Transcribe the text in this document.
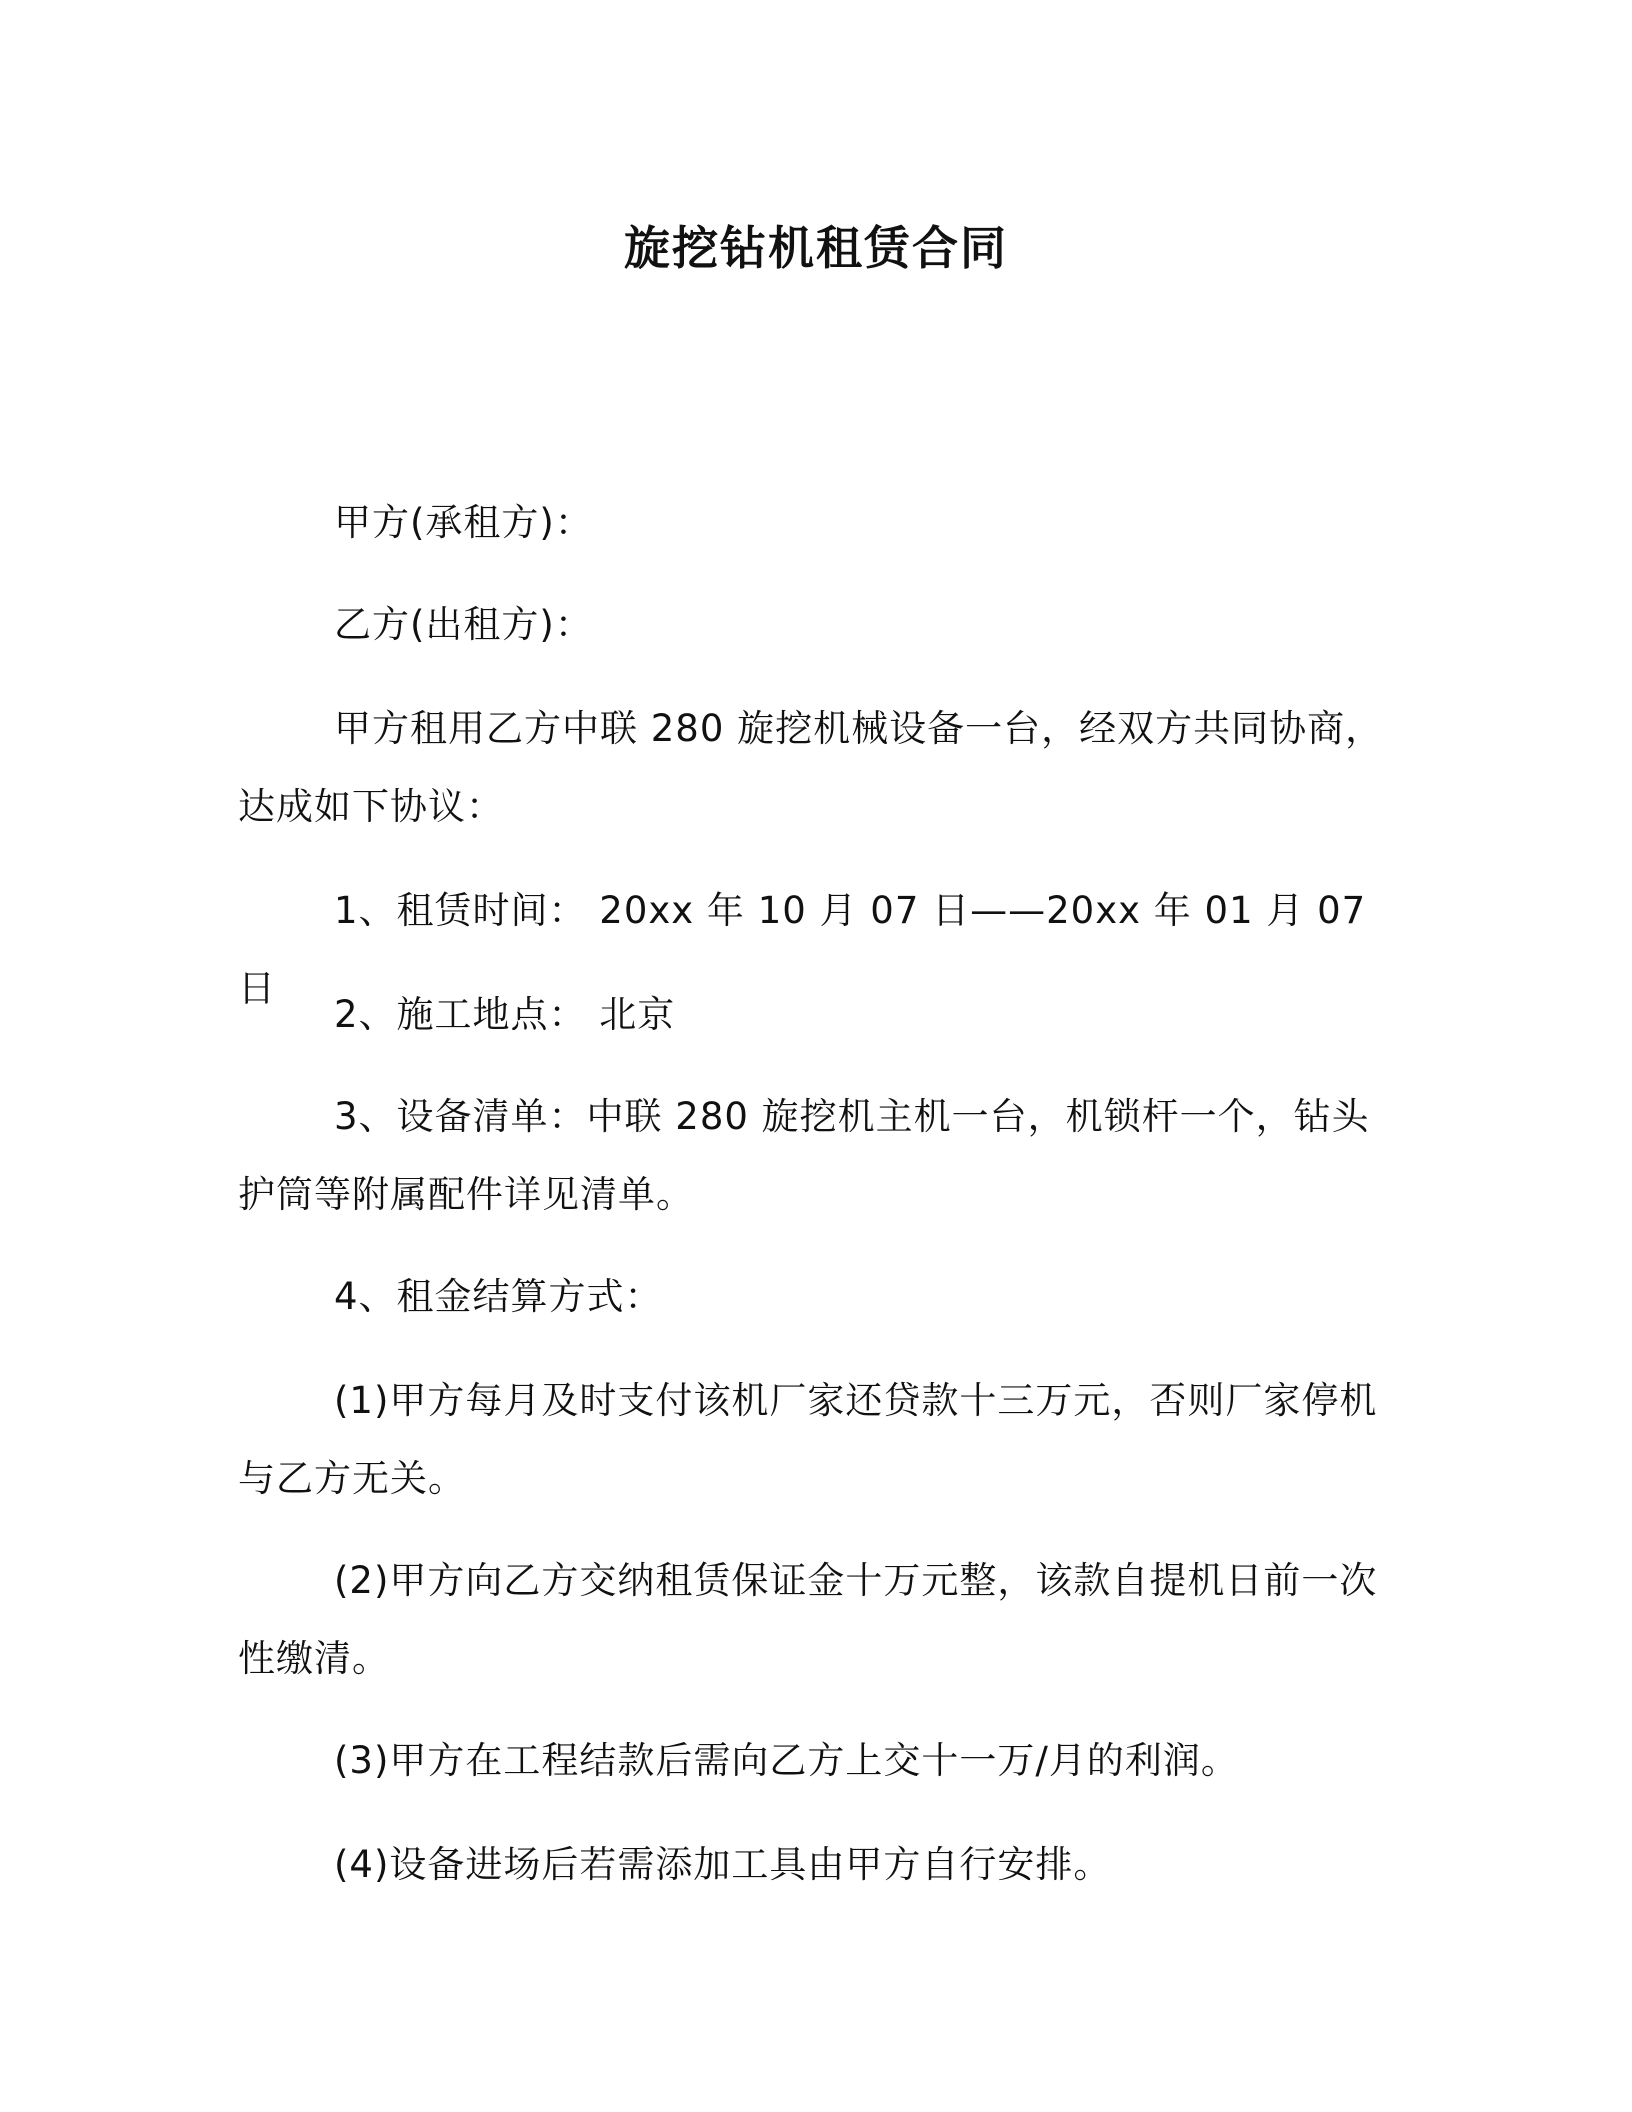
旋挖钻机租赁合同
甲方(承租方)：
乙方(出租方)：
甲方租用乙方中联 280 旋挖机械设备一台，经双方共同协商，达成如下协议：
1、租赁时间： 20xx 年 10 月 07 日——20xx 年 01 月 07 日
2、施工地点： 北京
3、设备清单：中联 280 旋挖机主机一台，机锁杆一个，钻头护筒等附属配件详见清单。
4、租金结算方式：
(1)甲方每月及时支付该机厂家还贷款十三万元，否则厂家停机与乙方无关。
(2)甲方向乙方交纳租赁保证金十万元整，该款自提机日前一次性缴清。
(3)甲方在工程结款后需向乙方上交十一万/月的利润。
(4)设备进场后若需添加工具由甲方自行安排。
